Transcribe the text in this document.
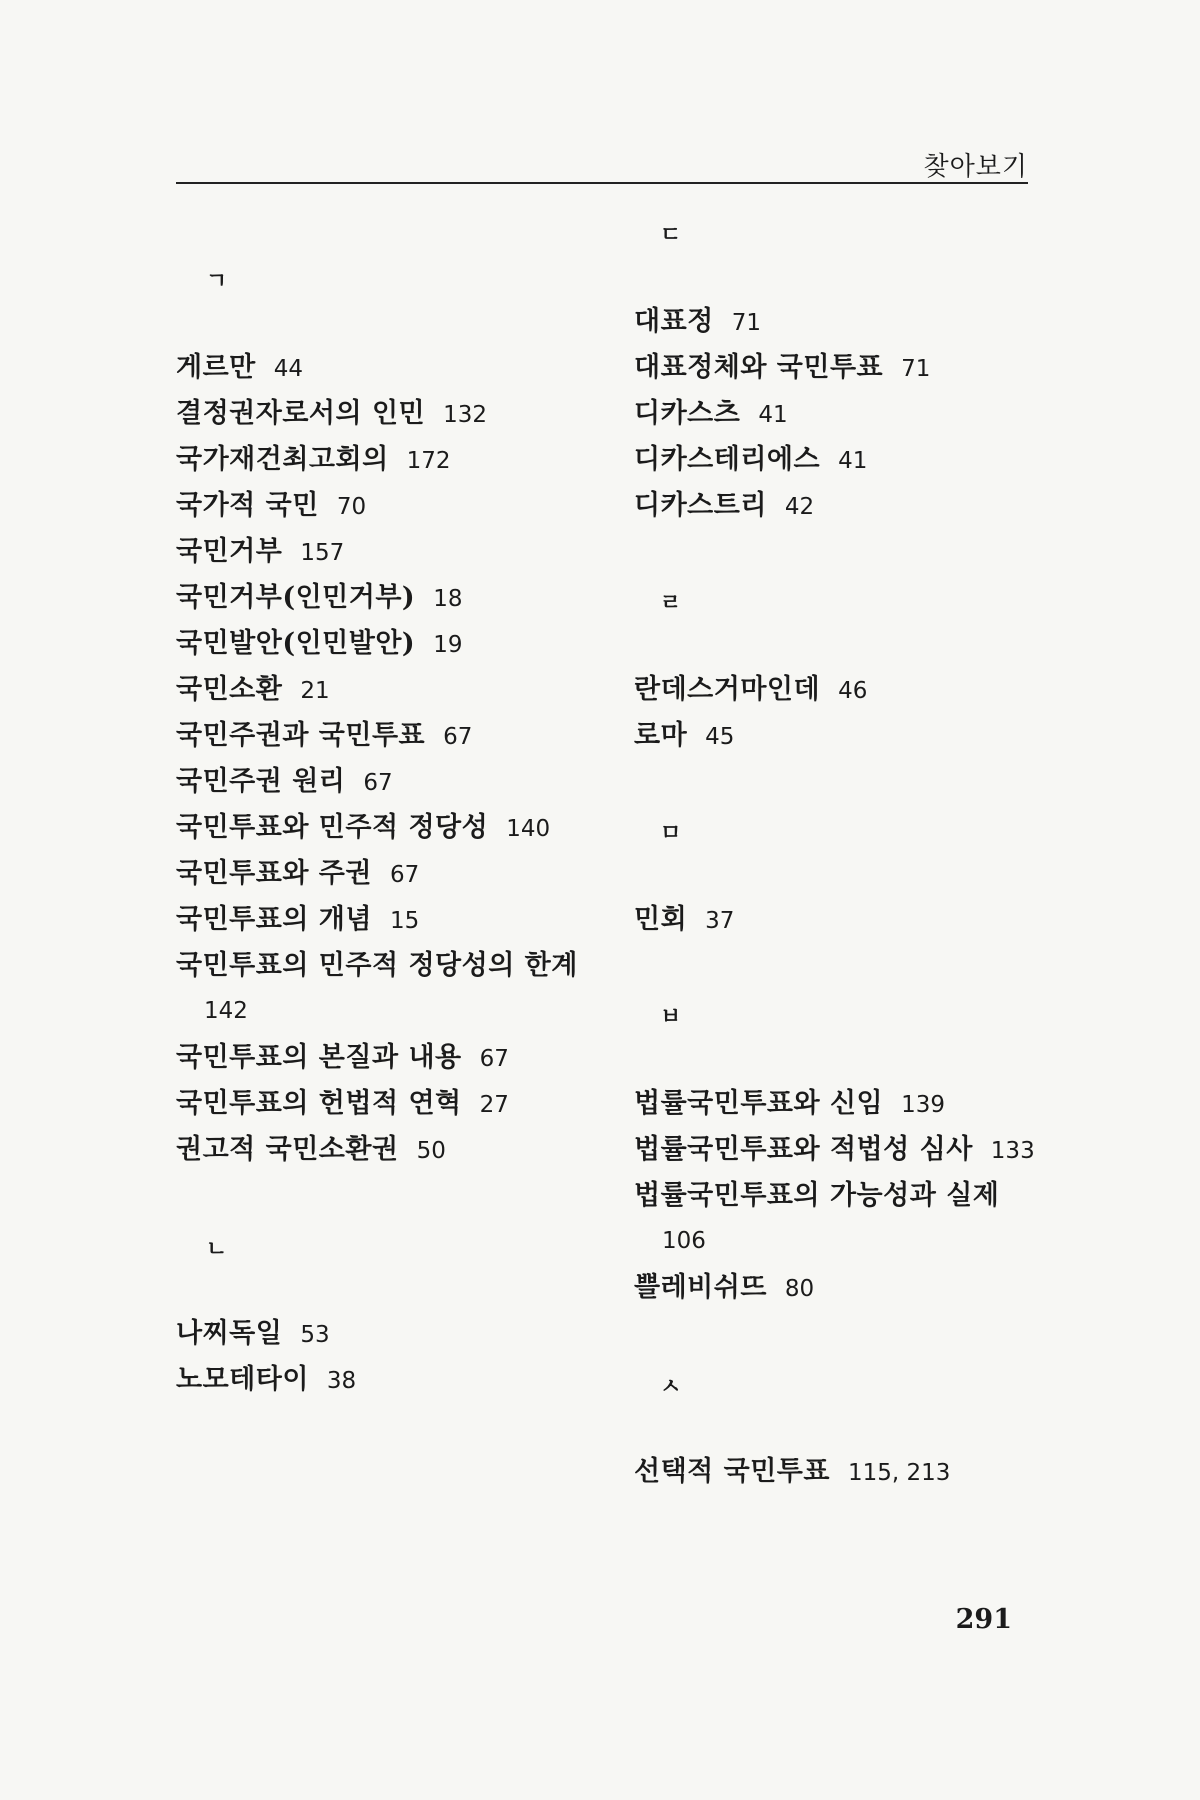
찾아보기
ㄱ
게르만 44
결정권자로서의 인민 132
국가재건최고회의 172
국가적 국민 70
국민거부 157
국민거부(인민거부) 18
국민발안(인민발안) 19
국민소환 21
국민주권과 국민투표 67
국민주권 원리 67
국민투표와 민주적 정당성 140
국민투표와 주권 67
국민투표의 개념 15
국민투표의 민주적 정당성의 한계
142
국민투표의 본질과 내용 67
국민투표의 헌법적 연혁 27
권고적 국민소환권 50
ㄴ
나찌독일 53
노모테타이 38
ㄷ
대표정 71
대표정체와 국민투표 71
디카스츠 41
디카스테리에스 41
디카스트리 42
ㄹ
란데스거마인데 46
로마 45
ㅁ
민회 37
ㅂ
법률국민투표와 신임 139
법률국민투표와 적법성 심사 133
법률국민투표의 가능성과 실제
106
쁠레비쉬뜨 80
ㅅ
선택적 국민투표 115, 213
291
